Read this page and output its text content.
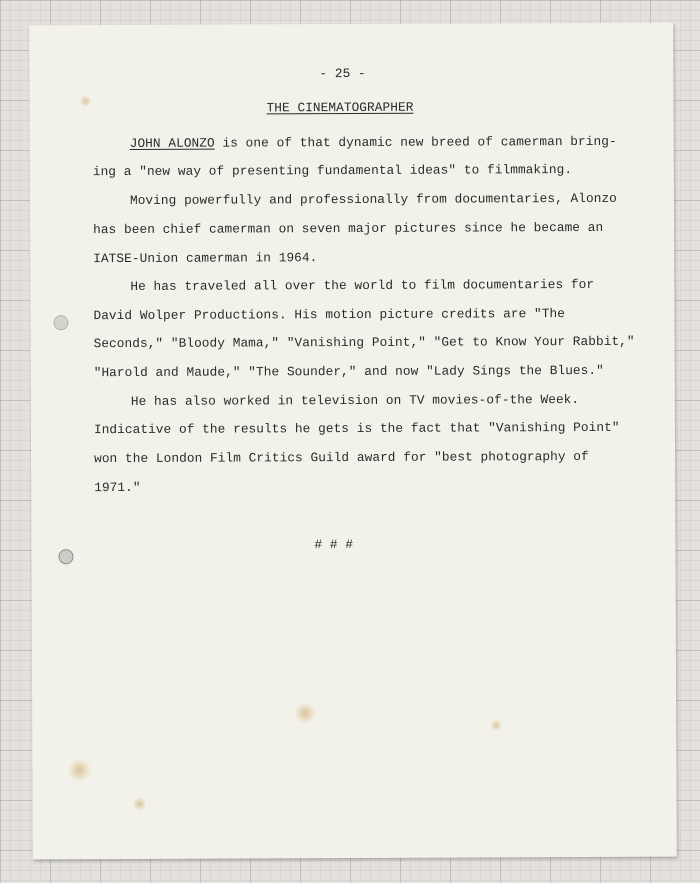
- 25 -
THE CINEMATOGRAPHER
JOHN ALONZO is one of that dynamic new breed of camerman bring-
ing a "new way of presenting fundamental ideas" to filmmaking.
Moving powerfully and professionally from documentaries, Alonzo
has been chief camerman on seven major pictures since he became an
IATSE-Union camerman in 1964.
He has traveled all over the world to film documentaries for
David Wolper Productions. His motion picture credits are "The
Seconds," "Bloody Mama," "Vanishing Point," "Get to Know Your Rabbit,"
"Harold and Maude," "The Sounder," and now "Lady Sings the Blues."
He has also worked in television on TV movies-of-the Week.
Indicative of the results he gets is the fact that "Vanishing Point"
won the London Film Critics Guild award for "best photography of
1971."
# # #
